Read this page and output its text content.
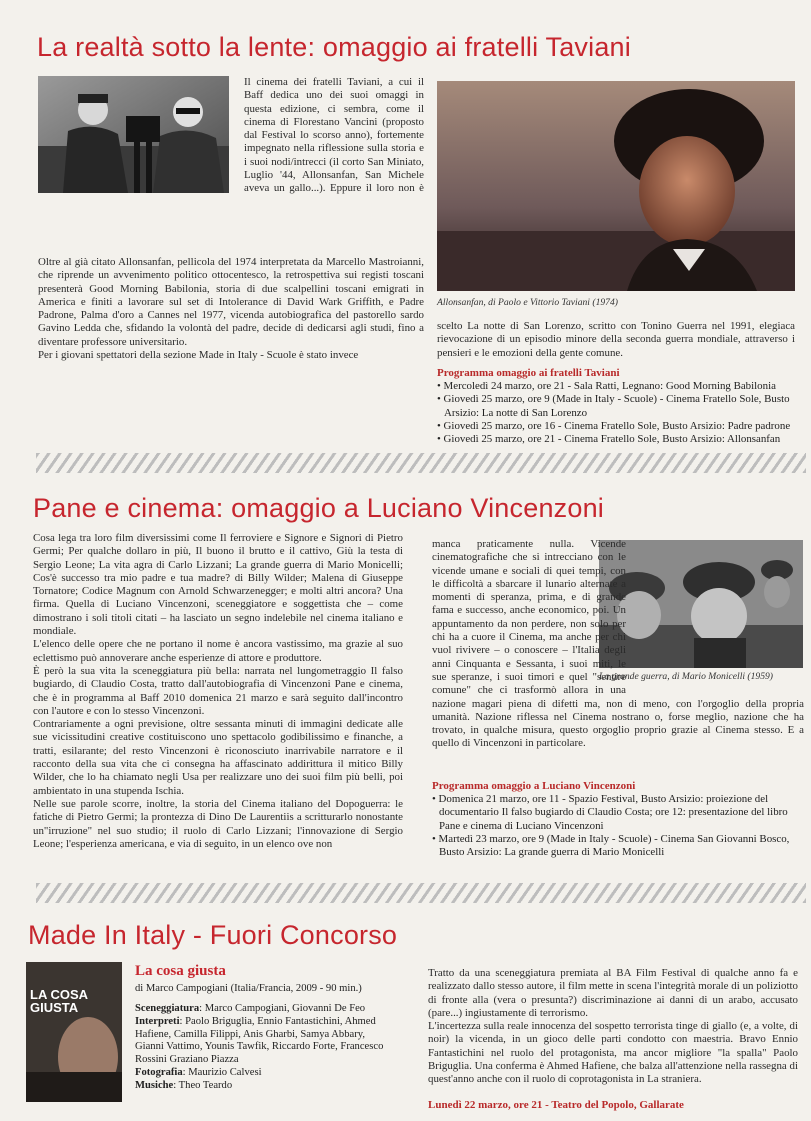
La realtà sotto la lente: omaggio ai fratelli Taviani

Il cinema dei fratelli Taviani, a cui il Baff dedica uno dei suoi omaggi in questa edizione, ci sembra, come il cinema di Florestano Vancini (proposto dal Festival lo scorso anno), fortemente impegnato nella riflessione sulla storia e i suoi nodi/intrecci (il corto San Miniato, Luglio '44, Allonsanfan, San Michele aveva un gallo...). Eppure il loro non è

Oltre al già citato Allonsanfan, pellicola del 1974 interpretata da Marcello Mastroianni, che riprende un avvenimento politico ottocentesco, la retrospettiva sui registi toscani presenterà Good Morning Babilonia, storia di due scalpellini toscani emigrati in America e finiti a lavorare sul set di Intolerance di David Wark Griffith, e Padre Padrone, Palma d'oro a Cannes nel 1977, vicenda autobiografica del pastorello sardo Gavino Ledda che, sfidando la volontà del padre, decide di dedicarsi agli studi, fino a diventare professore universitario.

Per i giovani spettatori della sezione Made in Italy - Scuole è stato invece

Allonsanfan, di Paolo e Vittorio Taviani (1974)

scelto La notte di San Lorenzo, scritto con Tonino Guerra nel 1991, elegiaca rievocazione di un episodio minore della seconda guerra mondiale, attraverso i pensieri e le emozioni della gente comune.

Programma omaggio ai fratelli Taviani
• Mercoledì 24 marzo, ore 21 - Sala Ratti, Legnano: Good Morning Babilonia
• Giovedì 25 marzo, ore 9 (Made in Italy - Scuole) - Cinema Fratello Sole, Busto Arsizio: La notte di San Lorenzo
• Giovedì 25 marzo, ore 16 - Cinema Fratello Sole, Busto Arsizio: Padre padrone
• Giovedì 25 marzo, ore 21 - Cinema Fratello Sole, Busto Arsizio: Allonsanfan
Pane e cinema: omaggio a Luciano Vincenzoni

Cosa lega tra loro film diversissimi come Il ferroviere e Signore e Signori di Pietro Germi; Per qualche dollaro in più, Il buono il brutto e il cattivo, Giù la testa di Sergio Leone; La vita agra di Carlo Lizzani; La grande guerra di Mario Monicelli; Cos'è successo tra mio padre e tua madre? di Billy Wilder; Malena di Giuseppe Tornatore; Codice Magnum con Arnold Schwarzenegger; e molti altri ancora? Una firma. Quella di Luciano Vincenzoni, sceneggiatore e soggettista che – come dimostrano i soli titoli citati – ha lasciato un segno indelebile nel cinema italiano e mondiale.

L'elenco delle opere che ne portano il nome è ancora vastissimo, ma grazie al suo eclettismo può annoverare anche esperienze di attore e produttore.

È però la sua vita la sceneggiatura più bella: narrata nel lungometraggio Il falso bugiardo, di Claudio Costa, tratto dall'autobiografia di Vincenzoni Pane e cinema, che è in programma al Baff 2010 domenica 21 marzo e sarà seguito dall'incontro con l'autore e con lo stesso Vincenzoni.

Contrariamente a ogni previsione, oltre sessanta minuti di immagini dedicate alle sue vicissitudini creative costituiscono uno spettacolo godibilissimo e finanche, a tratti, esilarante; del resto Vincenzoni è riconosciuto inarrivabile narratore e il racconto della sua vita che ci consegna ha affascinato addirittura il mitico Billy Wilder, che lo ha chiamato negli Usa per realizzare uno dei suoi film più belli, poi ambientato in una stupenda Ischia.

Nelle sue parole scorre, inoltre, la storia del Cinema italiano del Dopoguerra: le fatiche di Pietro Germi; la prontezza di Dino De Laurentiis a scritturarlo nonostante un"irruzione" nel suo studio; il ruolo di Carlo Lizzani; l'innovazione di Sergio Leone; l'esperienza americana, e via di seguito, in un elenco ove non

La grande guerra, di Mario Monicelli (1959)

manca praticamente nulla. Vicende cinematografiche che si intrecciano con le vicende umane e sociali di quei tempi, con le difficoltà a sbarcare il lunario alternate a momenti di speranza, prima, e di grande fama e successo, anche economico, poi. Un appuntamento da non perdere, non solo per chi ha a cuore il Cinema, ma anche per chi vuol rivivere – o conoscere – l'Italia degli anni Cinquanta e Sessanta, i suoi miti, le sue speranze, i suoi timori e quel "sentire comune" che ci trasformò allora in una nazione magari piena di difetti ma, non di meno, con l'orgoglio della propria umanità. Nazione riflessa nel Cinema nostrano o, forse meglio, nazione che ha trovato, in qualche misura, questo orgoglio proprio grazie al Cinema stesso. E a quello di Vincenzoni in particolare.

Programma omaggio a Luciano Vincenzoni
• Domenica 21 marzo, ore 11 - Spazio Festival, Busto Arsizio: proiezione del documentario Il falso bugiardo di Claudio Costa; ore 12: presentazione del libro Pane e cinema di Luciano Vincenzoni
• Martedì 23 marzo, ore 9 (Made in Italy - Scuole) - Cinema San Giovanni Bosco, Busto Arsizio: La grande guerra di Mario Monicelli
Made In Italy - Fuori Concorso
LA COSA GIUSTA
La cosa giusta
di Marco Campogiani (Italia/Francia, 2009 - 90 min.)
Sceneggiatura: Marco Campogiani, Giovanni De Feo
Interpreti: Paolo Briguglia, Ennio Fantastichini, Ahmed Hafiene, Camilla Filippi, Anis Gharbi, Samya Abbary, Gianni Vattimo, Younis Tawfik, Riccardo Forte, Francesco Rossini Graziano Piazza
Fotografia: Maurizio Calvesi
Musiche: Theo Teardo

Tratto da una sceneggiatura premiata al BA Film Festival di qualche anno fa e realizzato dallo stesso autore, il film mette in scena l'integrità morale di un poliziotto di fronte alla (vera o presunta?) discriminazione ai danni di un arabo, accusato (pare...) ingiustamente di terrorismo.

L'incertezza sulla reale innocenza del sospetto terrorista tinge di giallo (e, a volte, di noir) la vicenda, in un gioco delle parti condotto con maestria. Bravo Ennio Fantastichini nel ruolo del protagonista, ma ancor migliore "la spalla" Paolo Briguglia. Una conferma è Ahmed Hafiene, che balza all'attenzione nella rassegna di quest'anno anche con il ruolo di coprotagonista in La straniera.

Lunedì 22 marzo, ore 21 - Teatro del Popolo, Gallarate
